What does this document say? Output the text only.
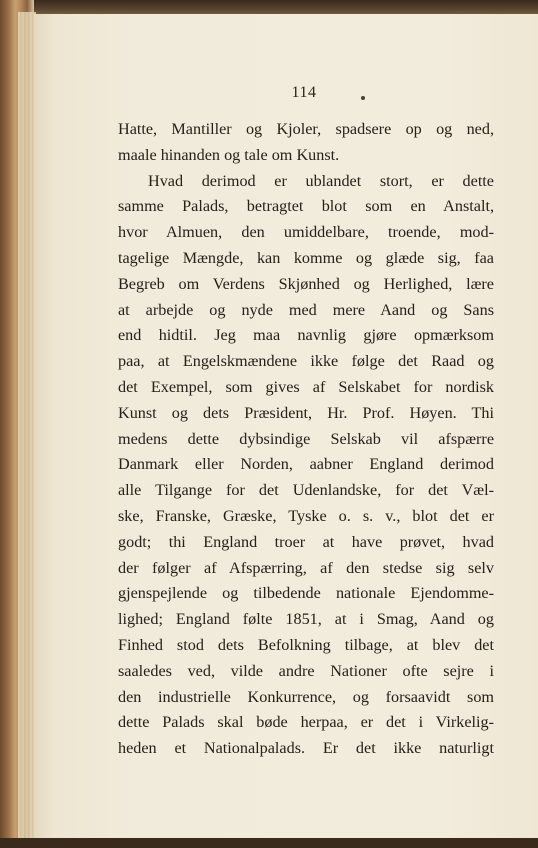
114
Hatte, Mantiller og Kjoler, spadsere op og ned,
maale hinanden og tale om Kunst.
Hvad derimod er ublandet stort, er dette
samme Palads, betragtet blot som en Anstalt,
hvor Almuen, den umiddelbare, troende, mod-
tagelige Mængde, kan komme og glæde sig, faa
Begreb om Verdens Skjønhed og Herlighed, lære
at arbejde og nyde med mere Aand og Sans
end hidtil. Jeg maa navnlig gjøre opmærksom
paa, at Engelskmændene ikke følge det Raad og
det Exempel, som gives af Selskabet for nordisk
Kunst og dets Præsident, Hr. Prof. Høyen. Thi
medens dette dybsindige Selskab vil afspærre
Danmark eller Norden, aabner England derimod
alle Tilgange for det Udenlandske, for det Væl-
ske, Franske, Græske, Tyske o. s. v., blot det er
godt; thi England troer at have prøvet, hvad
der følger af Afspærring, af den stedse sig selv
gjenspejlende og tilbedende nationale Ejendomme-
lighed; England følte 1851, at i Smag, Aand og
Finhed stod dets Befolkning tilbage, at blev det
saaledes ved, vilde andre Nationer ofte sejre i
den industrielle Konkurrence, og forsaavidt som
dette Palads skal bøde herpaa, er det i Virkelig-
heden et Nationalpalads. Er det ikke naturligt
